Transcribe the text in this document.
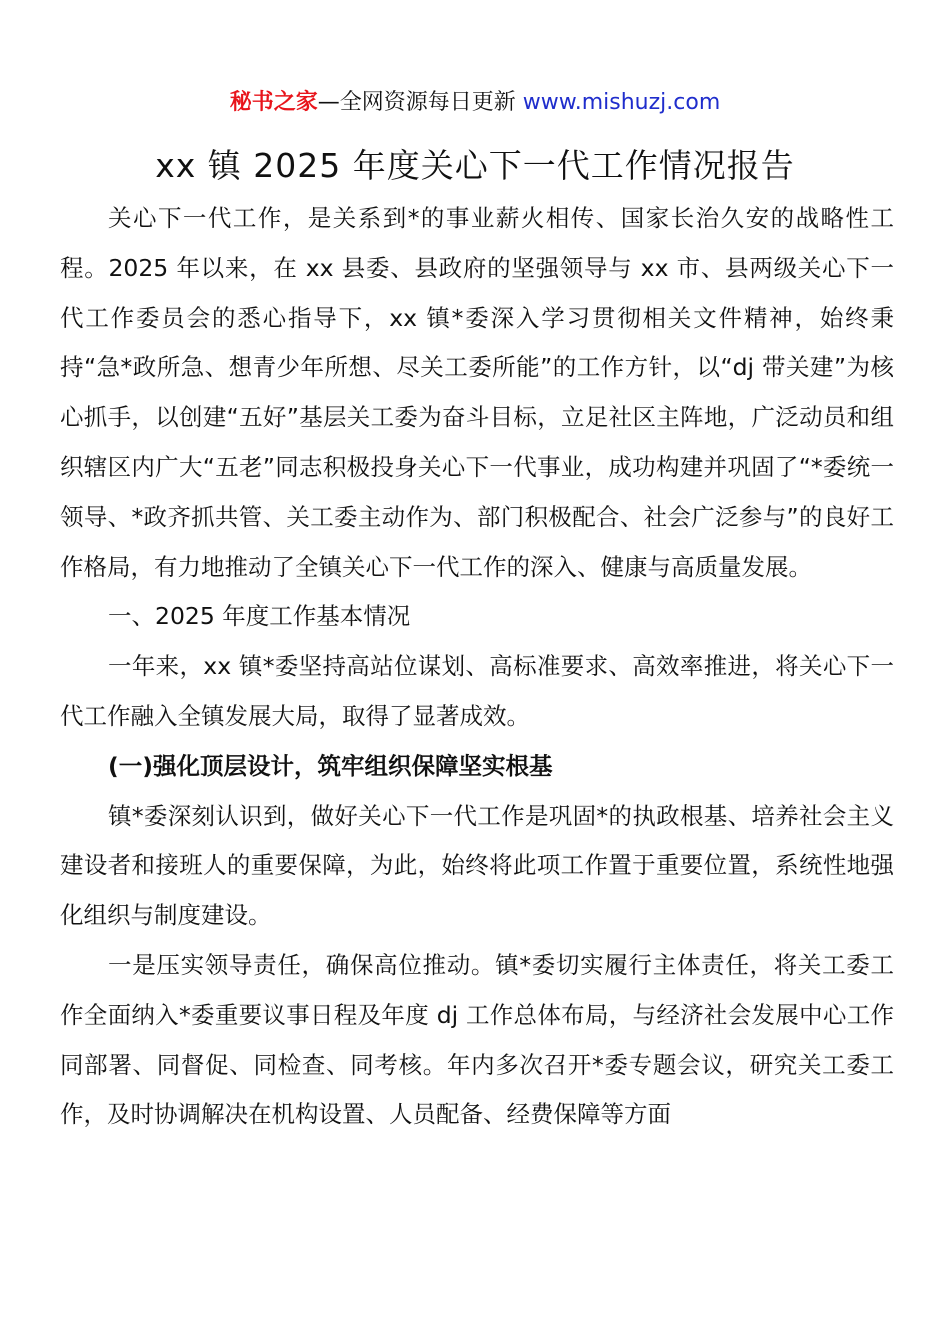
秘书之家—全网资源每日更新 www.mishuzj.com
xx 镇 2025 年度关心下一代工作情况报告

关心下一代工作，是关系到*的事业薪火相传、国家长治久安的战略性工程。2025 年以来，在 xx 县委、县政府的坚强领导与 xx 市、县两级关心下一代工作委员会的悉心指导下，xx 镇*委深入学习贯彻相关文件精神，始终秉持“急*政所急、想青少年所想、尽关工委所能”的工作方针，以“dj 带关建”为核心抓手，以创建“五好”基层关工委为奋斗目标，立足社区主阵地，广泛动员和组织辖区内广大“五老”同志积极投身关心下一代事业，成功构建并巩固了“*委统一领导、*政齐抓共管、关工委主动作为、部门积极配合、社会广泛参与”的良好工作格局，有力地推动了全镇关心下一代工作的深入、健康与高质量发展。

一、2025 年度工作基本情况

一年来，xx 镇*委坚持高站位谋划、高标准要求、高效率推进，将关心下一代工作融入全镇发展大局，取得了显著成效。

(一)强化顶层设计，筑牢组织保障坚实根基

镇*委深刻认识到，做好关心下一代工作是巩固*的执政根基、培养社会主义建设者和接班人的重要保障，为此，始终将此项工作置于重要位置，系统性地强化组织与制度建设。

一是压实领导责任，确保高位推动。镇*委切实履行主体责任，将关工委工作全面纳入*委重要议事日程及年度 dj 工作总体布局，与经济社会发展中心工作同部署、同督促、同检查、同考核。年内多次召开*委专题会议，研究关工委工作，及时协调解决在机构设置、人员配备、经费保障等方面
